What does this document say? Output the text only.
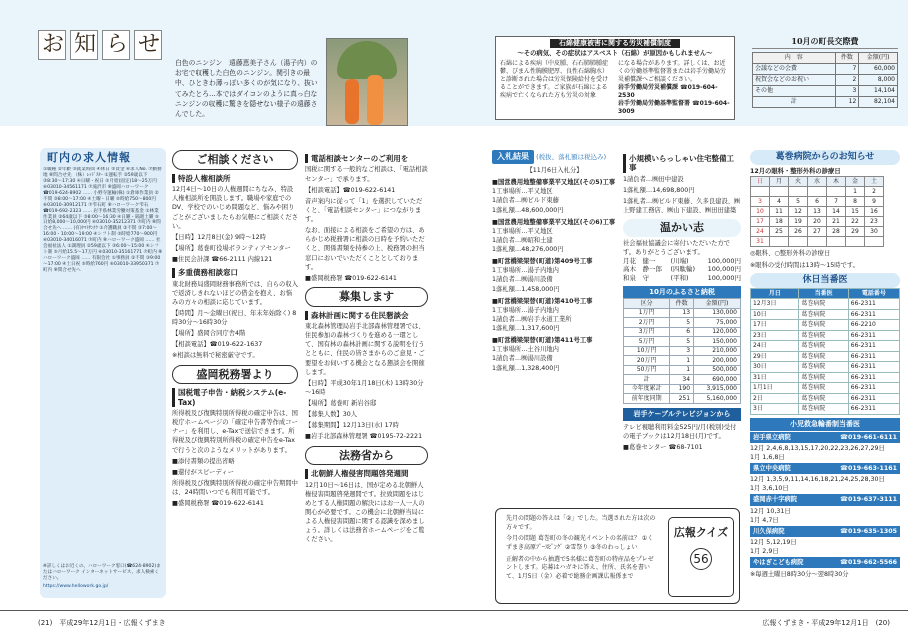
お 知 ら せ
白色のニンジン　遠藤恵美子さん（湯子内）のお宅で収穫した白色のニンジン。関引きの最中、ひときわ薄っぽい多くのが気になり、抜いてみたとろ…本ではダイコンのように真っ白なニンジンの収穫に驚きを隠せない様子の遠藤さんでした。
石綿健康被害に関する労災補償制度
～その病気、その症状はアスベスト（石綿）が原因かもしれません～
石綿による疾病（中皮腫、石石肺肺腫症鬱、びまん性胸膜肥厚、良性石綿胸水）と診断された場合は労災保険給付を受けることができます。ご家族が石綿による疾病で亡くなられた方も労災の対象
になる場合があります。詳しくは、お近くの労働基準監督署または岩手労働局労災補償課へご相談ください。
岩手労働局労災補償課 ☎019-604-2530
岩手労働局労働基準監督署 ☎019-604-3009
10月の町長交際費
内　容	件数	金額(円)
会議などの会費	7	60,000
祝賀会などのお祝い	2	8,000
その他	3	14,104
計	12	82,104
町内の求人情報
①職種 ②年齢 ③就業時間 ④休日 ⑤賃金 ⑥求人No. ⑦勤務地 ⑧問合せ先 （株）ﾚｯﾄﾞｽﾀｰ ①運転手 ②59歳以下 ③8:30～17:30 ④日曜・祝日 ⑤月給(固定)18～25万円 ⑥03010-34561171 ⑦滝沢市 ⑧盛岡ハローワーク ☎019-624-8902 …… 小野寺運輸(株) ①倉庫作業員 ②不問 ③8:00～17:00 ④土曜・日曜 ⑤時給750～800円 ⑥03010-30912171 ⑦雫石町 ⑧ハローワーク雫石 ☎019-692-2323 …… 岩手県林業労働対策基金 ①林業作業員 ②64歳以下 ③8:00～16:30 ④日曜・隔週土曜 ⑤日給8,000～10,000円 ⑥03010-35212371 ⑦町内 ⑧問合せ先へ …… (有)ﾔﾏﾄｻﾝﾁｸ ①介護職員 ②不問 ③7:00～16:00・10:00～19:00 ④シフト制 ⑤時給770～900円 ⑥03010-34016071 ⑦町内 ⑧ハローワーク盛岡 …… 社会福祉法人 ①調理員 ②59歳以下 ③6:00～15:00 ④シフト制 ⑤月給15.5～17万円 ⑥03010-35161771 ⑦町内 ⑧ハローワーク盛岡 …… 有限会社 ①事務員 ②不問 ③9:00～17:00 ④土日祝 ⑤時給760円 ⑥03010-33950371 ⑦町内 ⑧問合せ先へ
※詳しくはお近くの、ハローワーク窓口(☎624-8902)またはハローワーク インターネットサービス、求人検索ください。
https://www.hellowork.go.jp/
ご相談ください
特設人権相談所
12月4日～10日の人権週間にちなみ、特設人権相談所を開設します。職場や家庭でのDV、学校でのいじめ問題など、悩みや困りごとがございましたらお気軽にご相談ください。
【日時】12月8日(金) 9時～12時
【場所】葛巻町役場ボランティアセンター
■住民会計課 ☎66-2111 内線121
多重債務相談窓口
東北財務局盛岡財務事務所では、自らの収入で返済しきれないほどの借金を抱え、お悩みの方々の相談に応じています。
【時間】月～金曜日(祝日、年末年始除く) 8時30分～16時30分
【場所】盛岡合同庁舎4階
【相談電話】☎019-622-1637
※相談は無料で秘密厳守です。
盛岡税務署より
国税電子申告・納税システム(e-Tax)
所得税及び復興特別所得税の確定申告は、国税庁ホームページの「確定申告書等作成コーナー」を利用し、e-Taxで送信できます。所得税及び復興特別所得税の確定申告をe-Taxで行うと次のようなメリットがあります。
■添付書類の提出省略
■還付がスピーディー
所得税及び復興特別所得税の確定申告期間中は、24時間いつでも利用可能です。
■盛岡税務署 ☎019-622-6141
電話相談センターのご利用を
国税に関する一般的なご相談は、「電話相談センター」で承ります。
【相談電話】☎019-622-6141
音声案内に従って「1」を選択していただくと、「電話相談センター」につながります。
なお、面接による相談をご希望の方は、あらかじめ税務署に相談の日時を予約いただくと、関係書類を持参の上、税務署の担当窓口においでいただくこととしております。
■盛岡税務署 ☎019-622-6141
募集します
森林計画に関する住民懇談会
東北森林管理局岩手北部森林管理署では、住民参加の森林づくりを進める一環として、国有林の森林計画に関する説明を行うとともに、住民の皆さまからのご意見・ご要望をお伺いする機会となる懇談会を開催します。
【日時】平成30年1月18日(木) 13時30分～16時
【場所】葛巻町 新岩谷邸
【募集人数】30人
【募集期間】12月13日(水) 17時
■岩手北部森林管理署 ☎0195-72-2221
法務省から
北朝鮮人権侵害問題啓発週間
12月10日～16日は、国が定める北朝鮮人権侵害問題啓発週間です。拉致問題をはじめとする人権問題の解決にはお一人一人の関心が必要です。この機会に北朝鮮当局による人権侵害問題に関する認識を深めましょう。詳しくは法務省ホームページをご覧ください。
入札結果 (税抜、落札額は税込み)
【11月6日入札分】
■国営農用地整備事業平又地区(その5)工事
1工事場所…平又地区
1請負者…㈱ビルド東藤
1落札額…48,600,000円
■国営農用地整備事業平又地区(その6)工事
1工事場所…平又地区
1請負者…㈱昭和土建
1落札額…48,276,000円
■町営橋梁架替(町道)第409号工事
1工事場所…湯子内地内
1請負者…㈱湯川設備
1落札額…1,458,000円
■町営橋梁架替(町道)第410号工事
1工事場所…湯子内地内
1請負者…㈱岩手水道工業所
1落札額…1,317,600円
■町営橋梁架替(町道)第411号工事
1工事場所…土谷川地内
1請負者…㈱湯川設備
1落札額…1,328,400円
小規模いらっしゃい住宅整備工事
1請負者…㈱田中建設
1落札額…14,698,800円
1落札者…㈱ビルド東藤、久多良建設、㈱上野建工務店、㈱山下建設、㈱田田建築
温かい志
社会福祉協議会に寄付いただいた方です。ありがとうございます。
月花　健一	(川端)	100,000円
高木　静一郎	(四駄輪)	100,000円
和泉　守	(平和)	100,000円
10月のふるさと納税
区分	件数	金額(円)
1万円	13	130,000
2万円	5	75,000
3万円	6	120,000
5万円	5	150,000
10万円	3	210,000
20万円	1	200,000
50万円	1	500,000
計	34	690,000
今年度累計	190	3,915,000
前年度同期	251	5,160,000
岩手ケーブルテレビジョンから
テレビ視聴利用料金525円/月(税別)受付の電子ブックは12月18日(月)です。
■葛巻センター ☎68-7101
葛巻病院からのお知らせ
12月の眼科・整形外科の診療日
日	月	火	水	木	金	土
					1	2
3	4	5	6	7	8	9
10	11	12	13	14	15	16
17	18	19	20	21	22	23
24	25	26	27	28	29	30
31						
◎眼科、○整形外科の診療日
※眼科の受付時間は13時～15時です。
休日当番医
月日	当番医	電話番号
12月3日	葛巻病院	66-2311
10日	葛巻病院	66-2311
17日	葛巻病院	66-2210
23日	葛巻病院	66-2311
24日	葛巻病院	66-2311
29日	葛巻病院	66-2311
30日	葛巻病院	66-2311
31日	葛巻病院	66-2311
1月1日	葛巻病院	66-2311
2日	葛巻病院	66-2311
3日	葛巻病院	66-2311
小児救急輪番制当番医
岩手県立病院	☎019-661-6111
12月 2,4,6,8,13,15,17,20,22,23,26,27,29日
1月 1,6,8日
県立中央病院	☎019-663-1161
12月 1,3,5,9,11,14,16,18,21,24,25,28,30日
1月 3,6,10日
盛岡赤十字病院	☎019-637-3111
12月 10,31日
1月 4,7日
川久保病院	☎019-635-1305
12月 5,12,19日
1月 2,9日
やはぎこども病院	☎019-662-5566
※毎週土曜日8時30分～翌8時30分
先月の問題の答えは「②」でした。当選された方は次の方々です。
今月の問題 葛巻町の冬の観光イベントの名前は？ ①くずまき高原ﾌﾟｰｽﾋﾟﾝｸﾞ ②雪祭り ③冬のわっしょい
正解者の中から抽選で5名様に葛巻町の特産品をプレゼントします。応募はハガキに答え、住所、氏名を書いて、1月5日（金）必着で総務企画課広報係まで
広報クイズ
56
(21)　平成29年12月1日・広報くずまき	広報くずまき・平成29年12月1日　(20)
